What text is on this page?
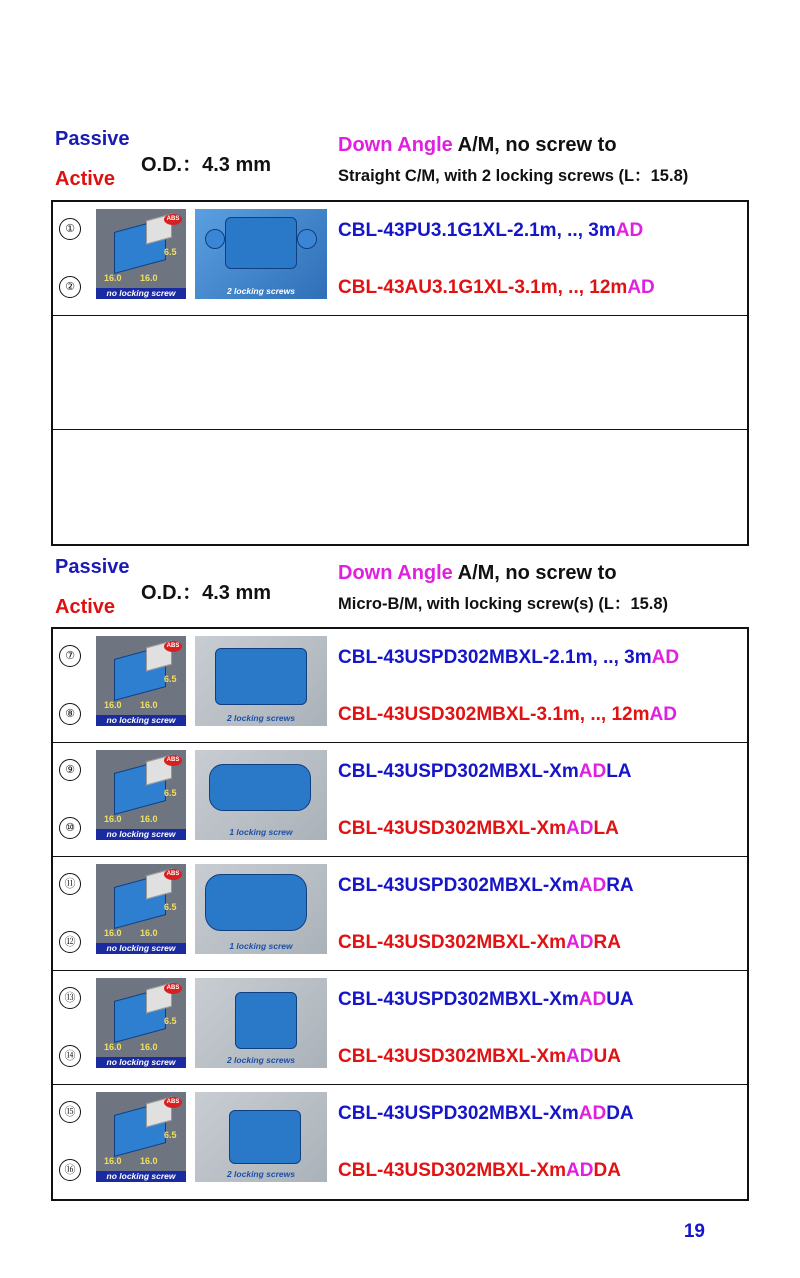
Passive
Active
O.D.：4.3 mm
Down Angle A/M, no screw to
Straight C/M, with 2 locking screws (L：15.8)
①
②
ABS
16.0 16.0
6.5
no locking screw	2 locking screws
CBL-43PU3.1G1XL-2.1m, .., 3mAD
CBL-43AU3.1G1XL-3.1m, .., 12mAD
Passive
Active
O.D.：4.3 mm
Down Angle A/M, no screw to
Micro-B/M, with locking screw(s) (L：15.8)
⑦
⑧
ABS
16.0 16.0
6.5
no locking screw	2 locking screws
CBL-43USPD302MBXL-2.1m, .., 3mAD
CBL-43USD302MBXL-3.1m, .., 12mAD
⑨
⑩
ABS
16.0 16.0
6.5
no locking screw	1 locking screw
CBL-43USPD302MBXL-XmADLA
CBL-43USD302MBXL-XmADLA
⑪
⑫
ABS
16.0 16.0
6.5
no locking screw	1 locking screw
CBL-43USPD302MBXL-XmADRA
CBL-43USD302MBXL-XmADRA
⑬
⑭
ABS
16.0 16.0
6.5
no locking screw	2 locking screws
CBL-43USPD302MBXL-XmADUA
CBL-43USD302MBXL-XmADUA
⑮
⑯
ABS
16.0 16.0
6.5
no locking screw	2 locking screws
CBL-43USPD302MBXL-XmADDA
CBL-43USD302MBXL-XmADDA
19
